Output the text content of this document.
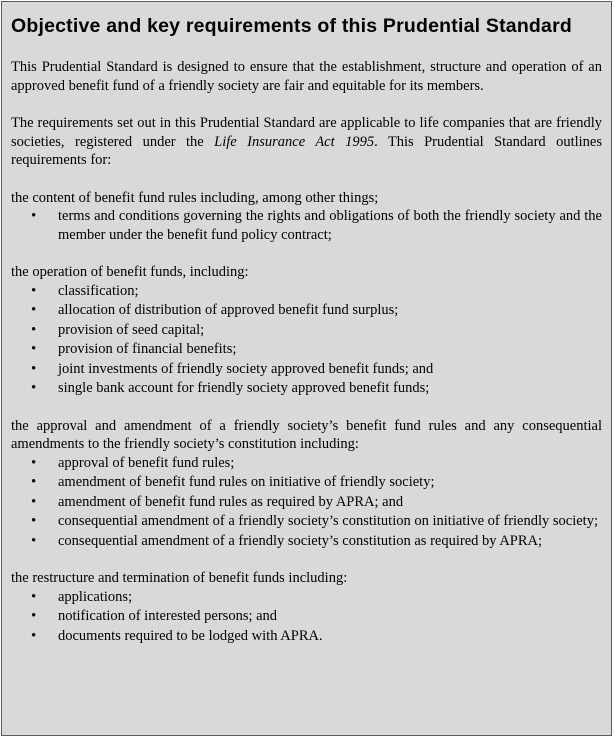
Objective and key requirements of this Prudential Standard

This Prudential Standard is designed to ensure that the establishment, structure and operation of an approved benefit fund of a friendly society are fair and equitable for its members.

The requirements set out in this Prudential Standard are applicable to life companies that are friendly societies, registered under the Life Insurance Act 1995. This Prudential Standard outlines requirements for:

the content of benefit fund rules including, among other things;

• terms and conditions governing the rights and obligations of both the friendly society and the member under the benefit fund policy contract;

the operation of benefit funds, including:

• classification;
• allocation of distribution of approved benefit fund surplus;
• provision of seed capital;
• provision of financial benefits;
• joint investments of friendly society approved benefit funds; and
• single bank account for friendly society approved benefit funds;

the approval and amendment of a friendly society’s benefit fund rules and any consequential amendments to the friendly society’s constitution including:

• approval of benefit fund rules;
• amendment of benefit fund rules on initiative of friendly society;
• amendment of benefit fund rules as required by APRA; and
• consequential amendment of a friendly society’s constitution on initiative of friendly society;
• consequential amendment of a friendly society’s constitution as required by APRA;

the restructure and termination of benefit funds including:

• applications;
• notification of interested persons; and
• documents required to be lodged with APRA.
